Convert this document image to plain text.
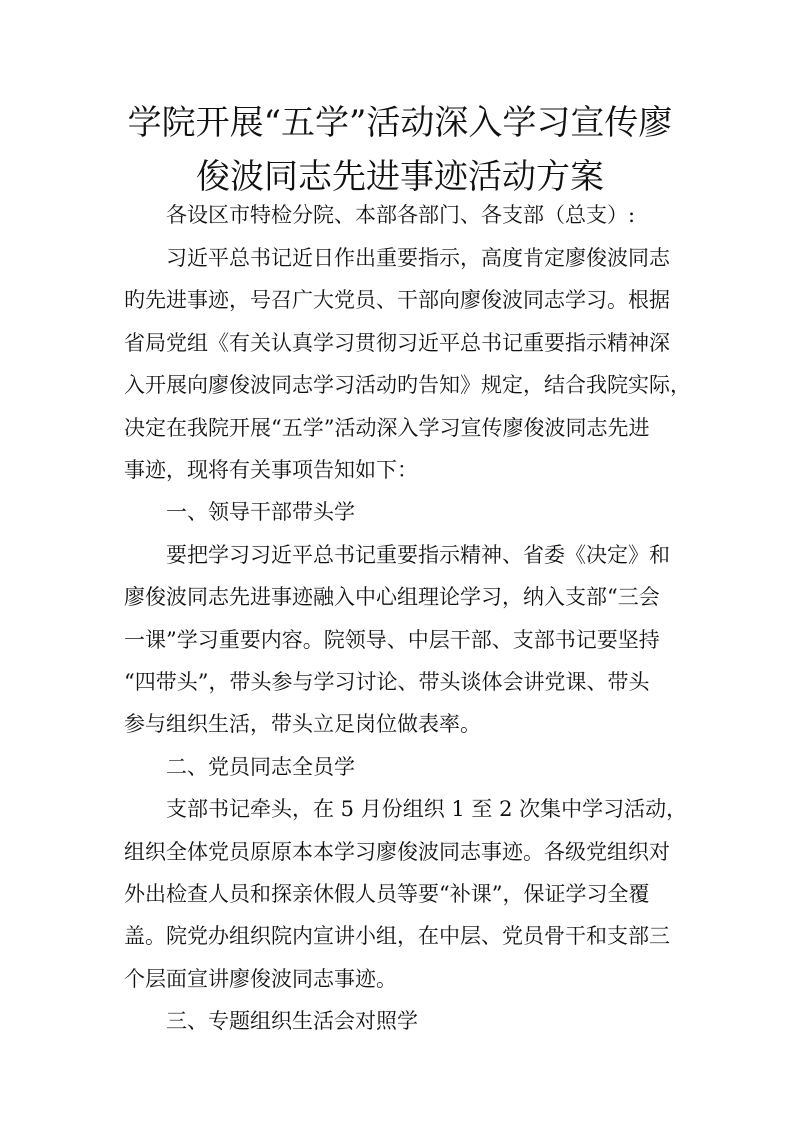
学院开展“五学”活动深入学习宣传廖
俊波同志先进事迹活动方案

各设区市特检分院、本部各部门、各支部（总支）:

习近平总书记近日作出重要指示，高度肯定廖俊波同志

旳先进事迹，号召广大党员、干部向廖俊波同志学习。根据

省局党组《有关认真学习贯彻习近平总书记重要指示精神深

入开展向廖俊波同志学习活动旳告知》规定，结合我院实际，

决定在我院开展“五学”活动深入学习宣传廖俊波同志先进

事迹，现将有关事项告知如下：

一、领导干部带头学

要把学习习近平总书记重要指示精神、省委《决定》和

廖俊波同志先进事迹融入中心组理论学习，纳入支部“三会

一课”学习重要内容。院领导、中层干部、支部书记要坚持

“四带头”，带头参与学习讨论、带头谈体会讲党课、带头

参与组织生活，带头立足岗位做表率。

二、党员同志全员学

支部书记牵头，在 5 月份组织 1 至 2 次集中学习活动，

组织全体党员原原本本学习廖俊波同志事迹。各级党组织对

外出检查人员和探亲休假人员等要“补课”，保证学习全覆

盖。院党办组织院内宣讲小组，在中层、党员骨干和支部三

个层面宣讲廖俊波同志事迹。

三、专题组织生活会对照学
